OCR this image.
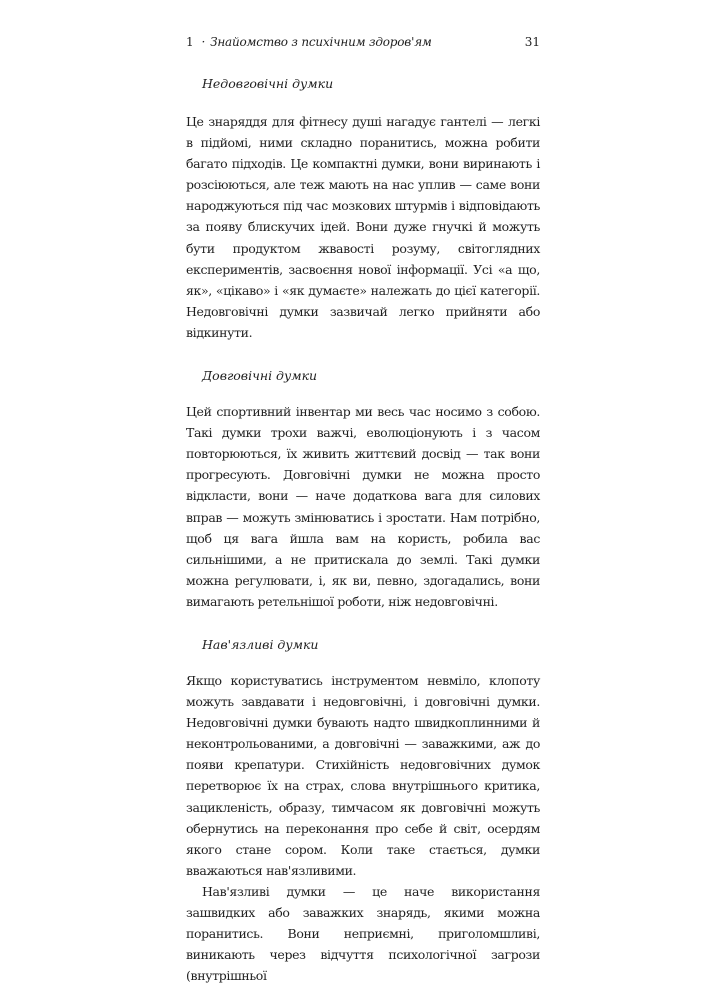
1 · Знайомство з психічним здоров'ям	31
Недовговічні думки

Це знаряддя для фітнесу душі нагадує гантелі — легкі в підйомі, ними складно поранитись, можна робити багато підходів. Це компактні думки, вони виринають і розсіюються, але теж мають на нас уплив — саме вони народжуються під час мозкових штурмів і відповідають за появу блискучих ідей. Вони дуже гнучкі й можуть бути продуктом жвавості розуму, світоглядних експериментів, засвоєння нової інформації. Усі «а що, як», «цікаво» і «як думаєте» належать до цієї категорії. Недовговічні думки зазвичай легко прийняти або відкинути.

Довговічні думки

Цей спортивний інвентар ми весь час носимо з собою. Такі думки трохи важчі, еволюціонують і з часом повторюються, їх живить життєвий досвід — так вони прогресують. Довговічні думки не можна просто відкласти, вони — наче додаткова вага для силових вправ — можуть змінюватись і зростати. Нам потрібно, щоб ця вага йшла вам на користь, робила вас сильнішими, а не притискала до землі. Такі думки можна регулювати, і, як ви, певно, здогадались, вони вимагають ретельнішої роботи, ніж недовговічні.

Нав'язливі думки

Якщо користуватись інструментом невміло, клопоту можуть завдавати і недовговічні, і довговічні думки. Недовговічні думки бувають надто швидкоплинними й неконтрольованими, а довговічні — заважкими, аж до появи крепатури. Стихійність недовговічних думок перетворює їх на страх, слова внутрішнього критика, зацикленість, образу, тимчасом як довговічні можуть обернутись на переконання про себе й світ, осердям якого стане сором. Коли таке стається, думки вважаються нав'язливими.

Нав'язливі думки — це наче використання зашвидких або заважких знарядь, якими можна поранитись. Вони неприємні, приголомшливі, виникають через відчуття психологічної загрози (внутрішньої
